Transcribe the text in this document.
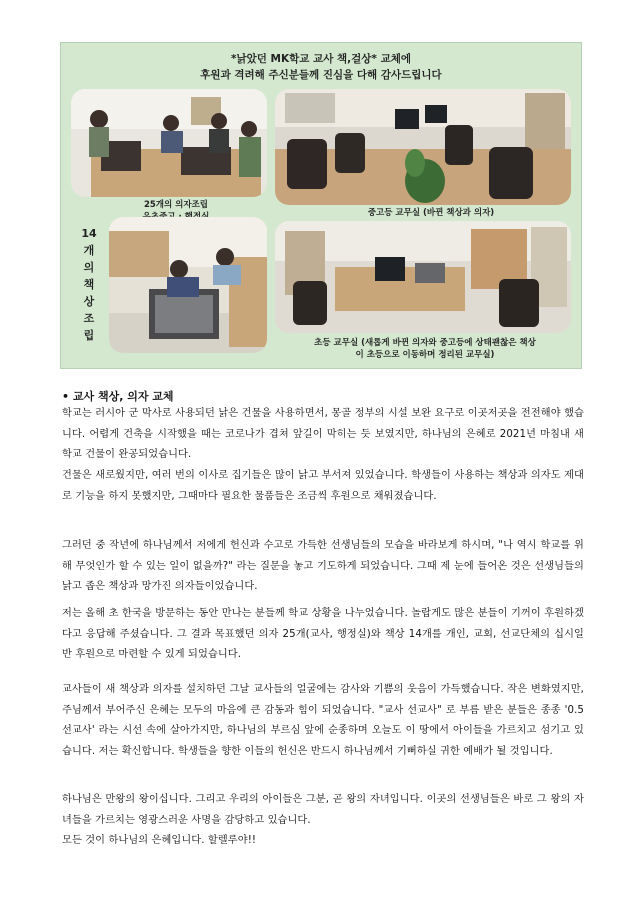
*낡았던 MK학교 교사 책,걸상* 교체에
후원과 격려해 주신분들께 진심을 다해 감사드립니다
25개의 의자조립

중고등 교무실 (바뀐 책상과 의자)
14
개
의
책
상
조
립
초등 교무실 (새롭게 바뀐 의자와 중고등에 상태괜찮은 책상
이 초등으로 이동하며 정리된 교무실)
• 교사 책상, 의자 교체

학교는 러시아 군 막사로 사용되던 낡은 건물을 사용하면서, 몽골 정부의 시설 보완 요구로 이곳저곳을 전전해야 했습니다. 어렵게 건축을 시작했을 때는 코로나가 겹쳐 앞길이 막히는 듯 보였지만, 하나님의 은혜로 2021년 마침내 새 학교 건물이 완공되었습니다.

건물은 새로웠지만, 여러 번의 이사로 집기들은 많이 낡고 부서져 있었습니다. 학생들이 사용하는 책상과 의자도 제대로 기능을 하지 못했지만, 그때마다 필요한 물품들은 조금씩 후원으로 채워졌습니다.

그러던 중 작년에 하나님께서 저에게 헌신과 수고로 가득한 선생님들의 모습을 바라보게 하시며, "나 역시 학교를 위해 무엇인가 할 수 있는 일이 없을까?" 라는 질문을 놓고 기도하게 되었습니다. 그때 제 눈에 들어온 것은 선생님들의 낡고 좁은 책상과 망가진 의자들이었습니다.

저는 올해 초 한국을 방문하는 동안 만나는 분들께 학교 상황을 나누었습니다. 놀랍게도 많은 분들이 기꺼이 후원하겠다고 응답해 주셨습니다. 그 결과 목표했던 의자 25개(교사, 행정실)와 책상 14개를 개인, 교회, 선교단체의 십시일반 후원으로 마련할 수 있게 되었습니다.

교사들이 새 책상과 의자를 설치하던 그날 교사들의 얼굴에는 감사와 기쁨의 웃음이 가득했습니다. 작은 변화였지만, 주님께서 부어주신 은혜는 모두의 마음에 큰 감동과 힘이 되었습니다. "교사 선교사" 로 부름 받은 분들은 종종 '0.5 선교사' 라는 시선 속에 살아가지만, 하나님의 부르심 앞에 순종하며 오늘도 이 땅에서 아이들을 가르치고 섬기고 있습니다. 저는 확신합니다. 학생들을 향한 이들의 헌신은 반드시 하나님께서 기뻐하실 귀한 예배가 될 것입니다.

하나님은 만왕의 왕이십니다. 그리고 우리의 아이들은 그분, 곧 왕의 자녀입니다. 이곳의 선생님들은 바로 그 왕의 자녀들을 가르치는 영광스러운 사명을 감당하고 있습니다.
모든 것이 하나님의 은혜입니다. 할렐루야!!
